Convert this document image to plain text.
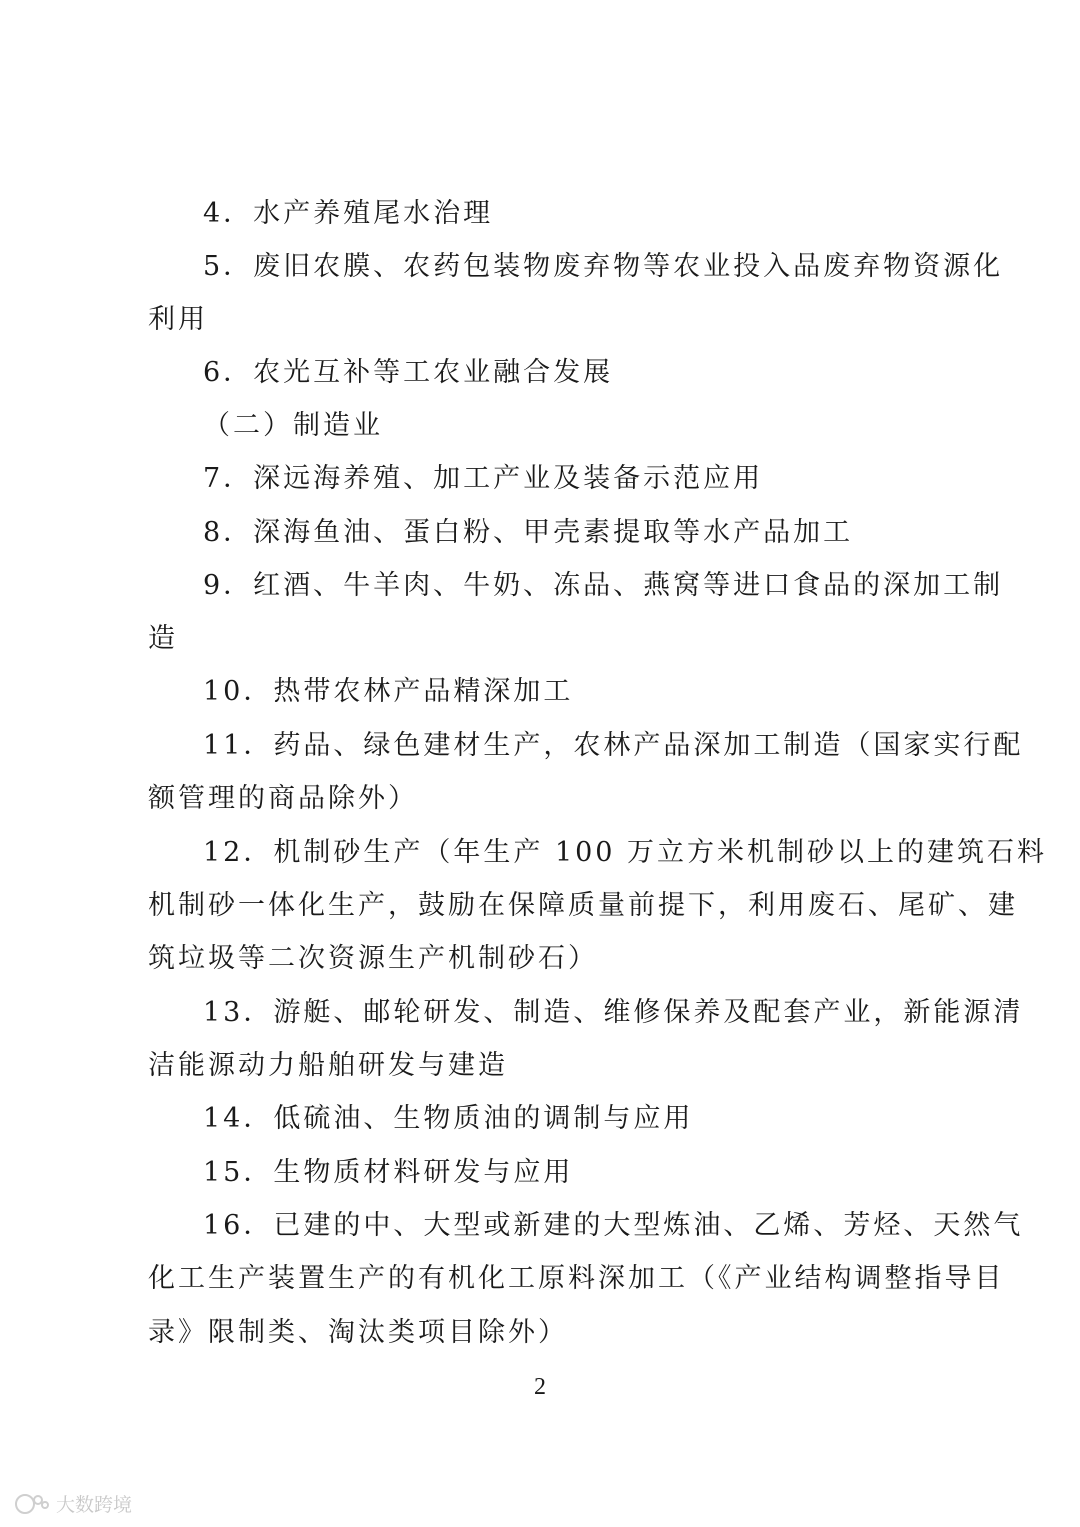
4．水产养殖尾水治理
5．废旧农膜、农药包装物废弃物等农业投入品废弃物资源化
利用
6．农光互补等工农业融合发展
（二）制造业
7．深远海养殖、加工产业及装备示范应用
8．深海鱼油、蛋白粉、甲壳素提取等水产品加工
9．红酒、牛羊肉、牛奶、冻品、燕窝等进口食品的深加工制
造
10．热带农林产品精深加工
11．药品、绿色建材生产，农林产品深加工制造（国家实行配
额管理的商品除外）
12．机制砂生产（年生产 100 万立方米机制砂以上的建筑石料
机制砂一体化生产，鼓励在保障质量前提下，利用废石、尾矿、建
筑垃圾等二次资源生产机制砂石）
13．游艇、邮轮研发、制造、维修保养及配套产业，新能源清
洁能源动力船舶研发与建造
14．低硫油、生物质油的调制与应用
15．生物质材料研发与应用
16．已建的中、大型或新建的大型炼油、乙烯、芳烃、天然气
化工生产装置生产的有机化工原料深加工（《产业结构调整指导目
录》限制类、淘汰类项目除外）
2
大数跨境
